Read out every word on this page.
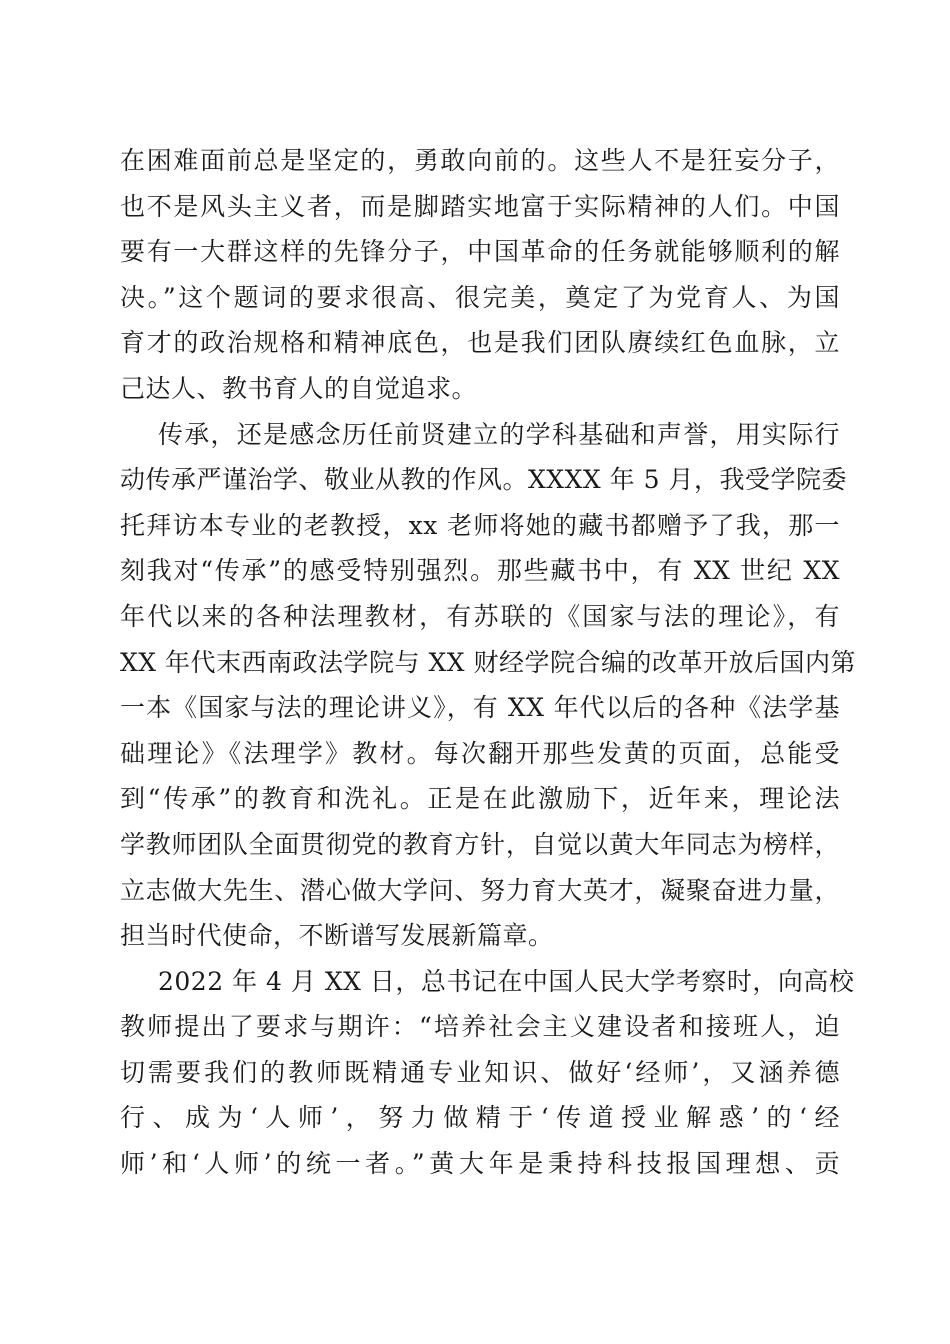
在困难面前总是坚定的，勇敢向前的。这些人不是狂妄分子，
也不是风头主义者，而是脚踏实地富于实际精神的人们。中国
要有一大群这样的先锋分子，中国革命的任务就能够顺利的解
决。”这个题词的要求很高、很完美，奠定了为党育人、为国
育才的政治规格和精神底色，也是我们团队赓续红色血脉，立
己达人、教书育人的自觉追求。
传承，还是感念历任前贤建立的学科基础和声誉，用实际行
动传承严谨治学、敬业从教的作风。XXXX 年 5 月，我受学院委
托拜访本专业的老教授，xx 老师将她的藏书都赠予了我，那一
刻我对“传承”的感受特别强烈。那些藏书中，有 XX 世纪 XX
年代以来的各种法理教材，有苏联的《国家与法的理论》，有
XX 年代末西南政法学院与 XX 财经学院合编的改革开放后国内第
一本《国家与法的理论讲义》，有 XX 年代以后的各种《法学基
础理论》《法理学》教材。每次翻开那些发黄的页面，总能受
到“传承”的教育和洗礼。正是在此激励下，近年来，理论法
学教师团队全面贯彻党的教育方针，自觉以黄大年同志为榜样，
立志做大先生、潜心做大学问、努力育大英才，凝聚奋进力量，
担当时代使命，不断谱写发展新篇章。
2022 年 4 月 XX 日，总书记在中国人民大学考察时，向高校
教师提出了要求与期许：“培养社会主义建设者和接班人，迫
切需要我们的教师既精通专业知识、做好‘经师’，又涵养德
行、成为‘人师’，努力做精于‘传道授业解惑’的‘经
师’和‘人师’的统一者。”黄大年是秉持科技报国理想、贡
